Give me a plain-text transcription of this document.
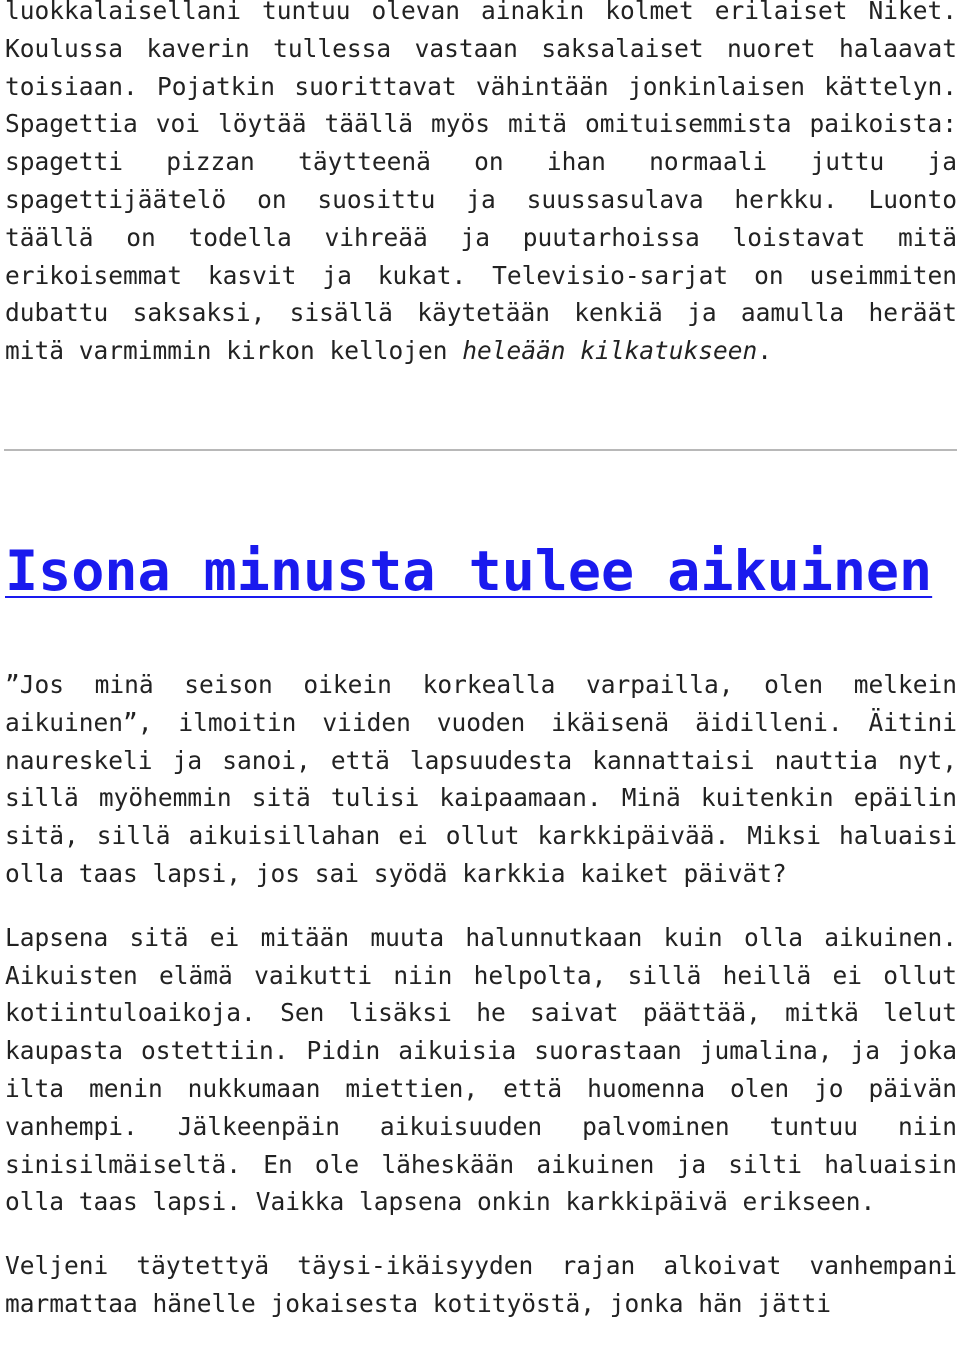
luokkalaisellani tuntuu olevan ainakin kolmet erilaiset Niket. Koulussa kaverin tullessa vastaan saksalaiset nuoret halaavat toisiaan. Pojatkin suorittavat vähintään jonkinlaisen kättelyn. Spagettia voi löytää täällä myös mitä omituisemmista paikoista: spagetti pizzan täytteenä on ihan normaali juttu ja spagettijäätelö on suosittu ja suussasulava herkku. Luonto täällä on todella vihreää ja puutarhoissa loistavat mitä erikoisemmat kasvit ja kukat. Televisio-sarjat on useimmiten dubattu saksaksi, sisällä käytetään kenkiä ja aamulla heräät mitä varmimmin kirkon kellojen heleään kilkatukseen.

Isona minusta tulee aikuinen

”Jos minä seison oikein korkealla varpailla, olen melkein aikuinen”, ilmoitin viiden vuoden ikäisenä äidilleni. Äitini naureskeli ja sanoi, että lapsuudesta kannattaisi nauttia nyt, sillä myöhemmin sitä tulisi kaipaamaan. Minä kuitenkin epäilin sitä, sillä aikuisillahan ei ollut karkkipäivää. Miksi haluaisi olla taas lapsi, jos sai syödä karkkia kaiket päivät?

Lapsena sitä ei mitään muuta halunnutkaan kuin olla aikuinen. Aikuisten elämä vaikutti niin helpolta, sillä heillä ei ollut kotiintuloaikoja. Sen lisäksi he saivat päättää, mitkä lelut kaupasta ostettiin. Pidin aikuisia suorastaan jumalina, ja joka ilta menin nukkumaan miettien, että huomenna olen jo päivän vanhempi. Jälkeenpäin aikuisuuden palvominen tuntuu niin sinisilmäiseltä. En ole läheskään aikuinen ja silti haluaisin olla taas lapsi. Vaikka lapsena onkin karkkipäivä erikseen.

Veljeni täytettyä täysi-ikäisyyden rajan alkoivat vanhempani marmattaa hänelle jokaisesta kotityöstä, jonka hän jätti
